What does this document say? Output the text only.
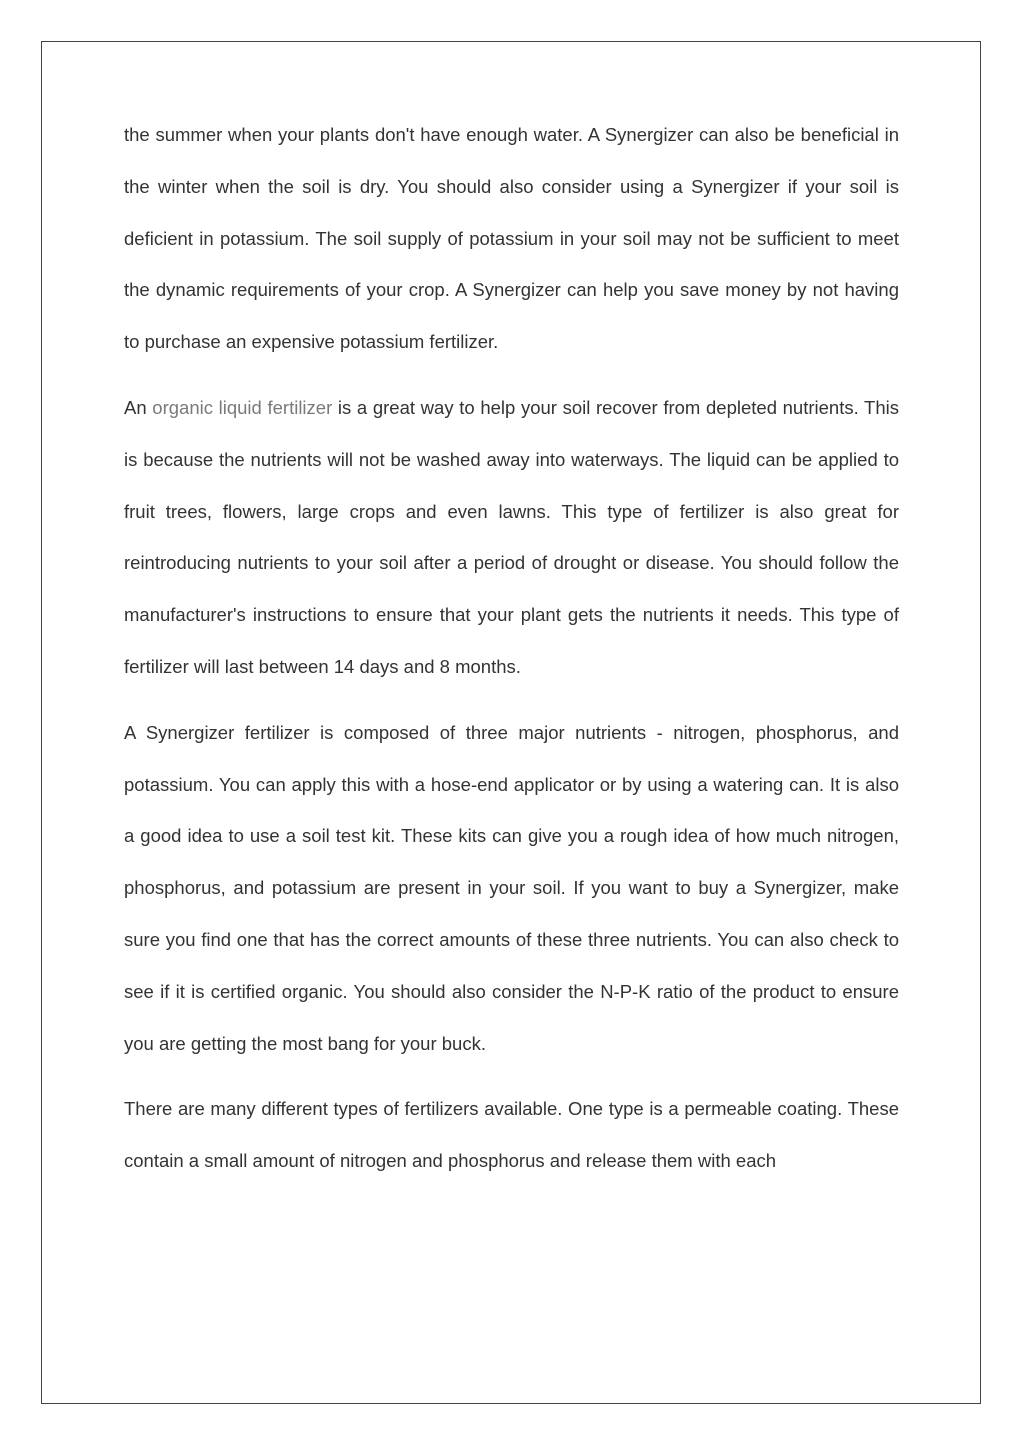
the summer when your plants don't have enough water. A Synergizer can also be beneficial in the winter when the soil is dry. You should also consider using a Synergizer if your soil is deficient in potassium. The soil supply of potassium in your soil may not be sufficient to meet the dynamic requirements of your crop. A Synergizer can help you save money by not having to purchase an expensive potassium fertilizer.

An organic liquid fertilizer is a great way to help your soil recover from depleted nutrients. This is because the nutrients will not be washed away into waterways. The liquid can be applied to fruit trees, flowers, large crops and even lawns. This type of fertilizer is also great for reintroducing nutrients to your soil after a period of drought or disease. You should follow the manufacturer's instructions to ensure that your plant gets the nutrients it needs. This type of fertilizer will last between 14 days and 8 months.

A Synergizer fertilizer is composed of three major nutrients - nitrogen, phosphorus, and potassium. You can apply this with a hose-end applicator or by using a watering can. It is also a good idea to use a soil test kit. These kits can give you a rough idea of how much nitrogen, phosphorus, and potassium are present in your soil. If you want to buy a Synergizer, make sure you find one that has the correct amounts of these three nutrients. You can also check to see if it is certified organic. You should also consider the N-P-K ratio of the product to ensure you are getting the most bang for your buck.

There are many different types of fertilizers available. One type is a permeable coating. These contain a small amount of nitrogen and phosphorus and release them with each
